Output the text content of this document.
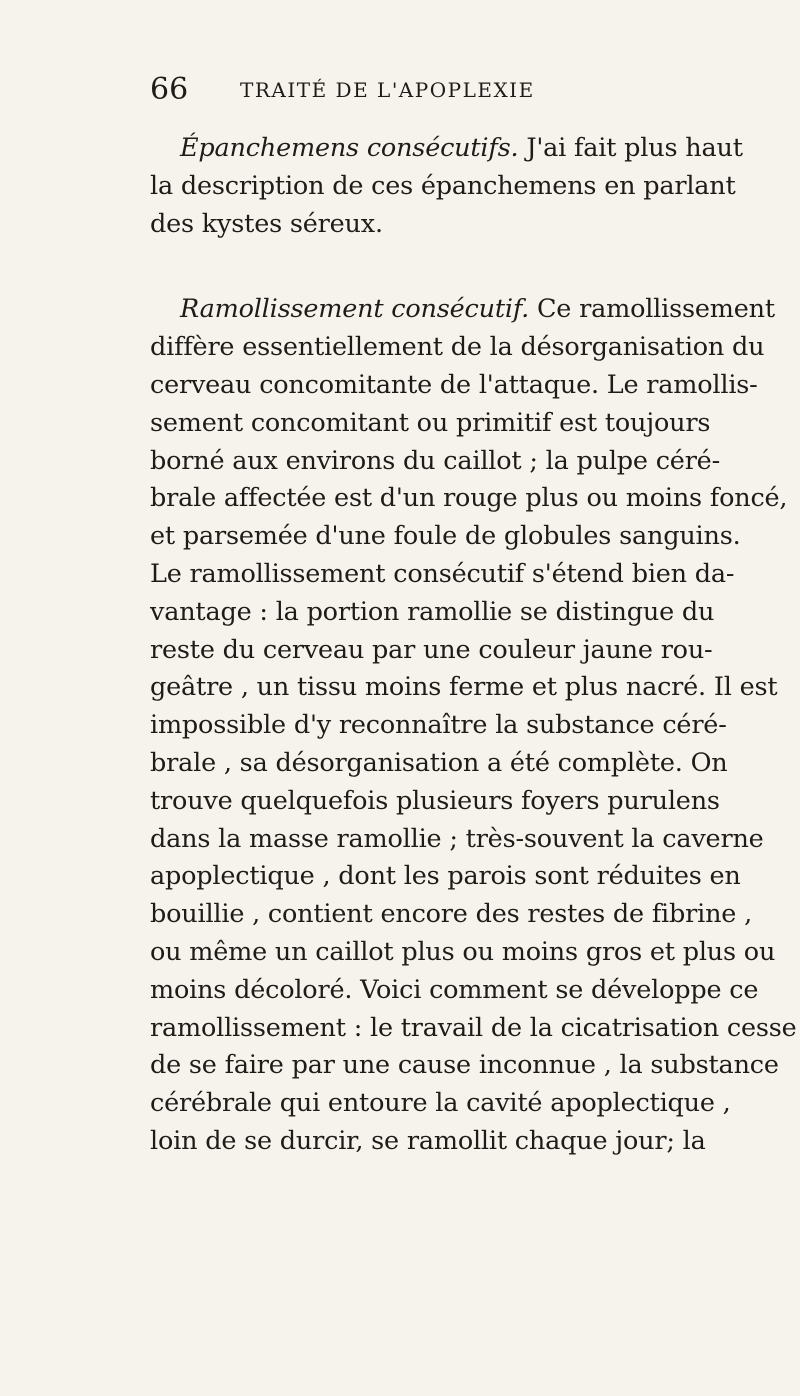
66	TRAITÉ DE L'APOPLEXIE

Épanchemens consécutifs. J'ai fait plus haut
la description de ces épanchemens en parlant
des kystes séreux.

Ramollissement consécutif. Ce ramollissement
diffère essentiellement de la désorganisation du
cerveau concomitante de l'attaque. Le ramollis-
sement concomitant ou primitif est toujours
borné aux environs du caillot ; la pulpe céré-
brale affectée est d'un rouge plus ou moins foncé,
et parsemée d'une foule de globules sanguins.
Le ramollissement consécutif s'étend bien da-
vantage : la portion ramollie se distingue du
reste du cerveau par une couleur jaune rou-
geâtre , un tissu moins ferme et plus nacré. Il est
impossible d'y reconnaître la substance céré-
brale , sa désorganisation a été complète. On
trouve quelquefois plusieurs foyers purulens
dans la masse ramollie ; très-souvent la caverne
apoplectique , dont les parois sont réduites en
bouillie , contient encore des restes de fibrine ,
ou même un caillot plus ou moins gros et plus ou
moins décoloré. Voici comment se développe ce
ramollissement : le travail de la cicatrisation cesse
de se faire par une cause inconnue , la substance
cérébrale qui entoure la cavité apoplectique ,
loin de se durcir, se ramollit chaque jour; la
